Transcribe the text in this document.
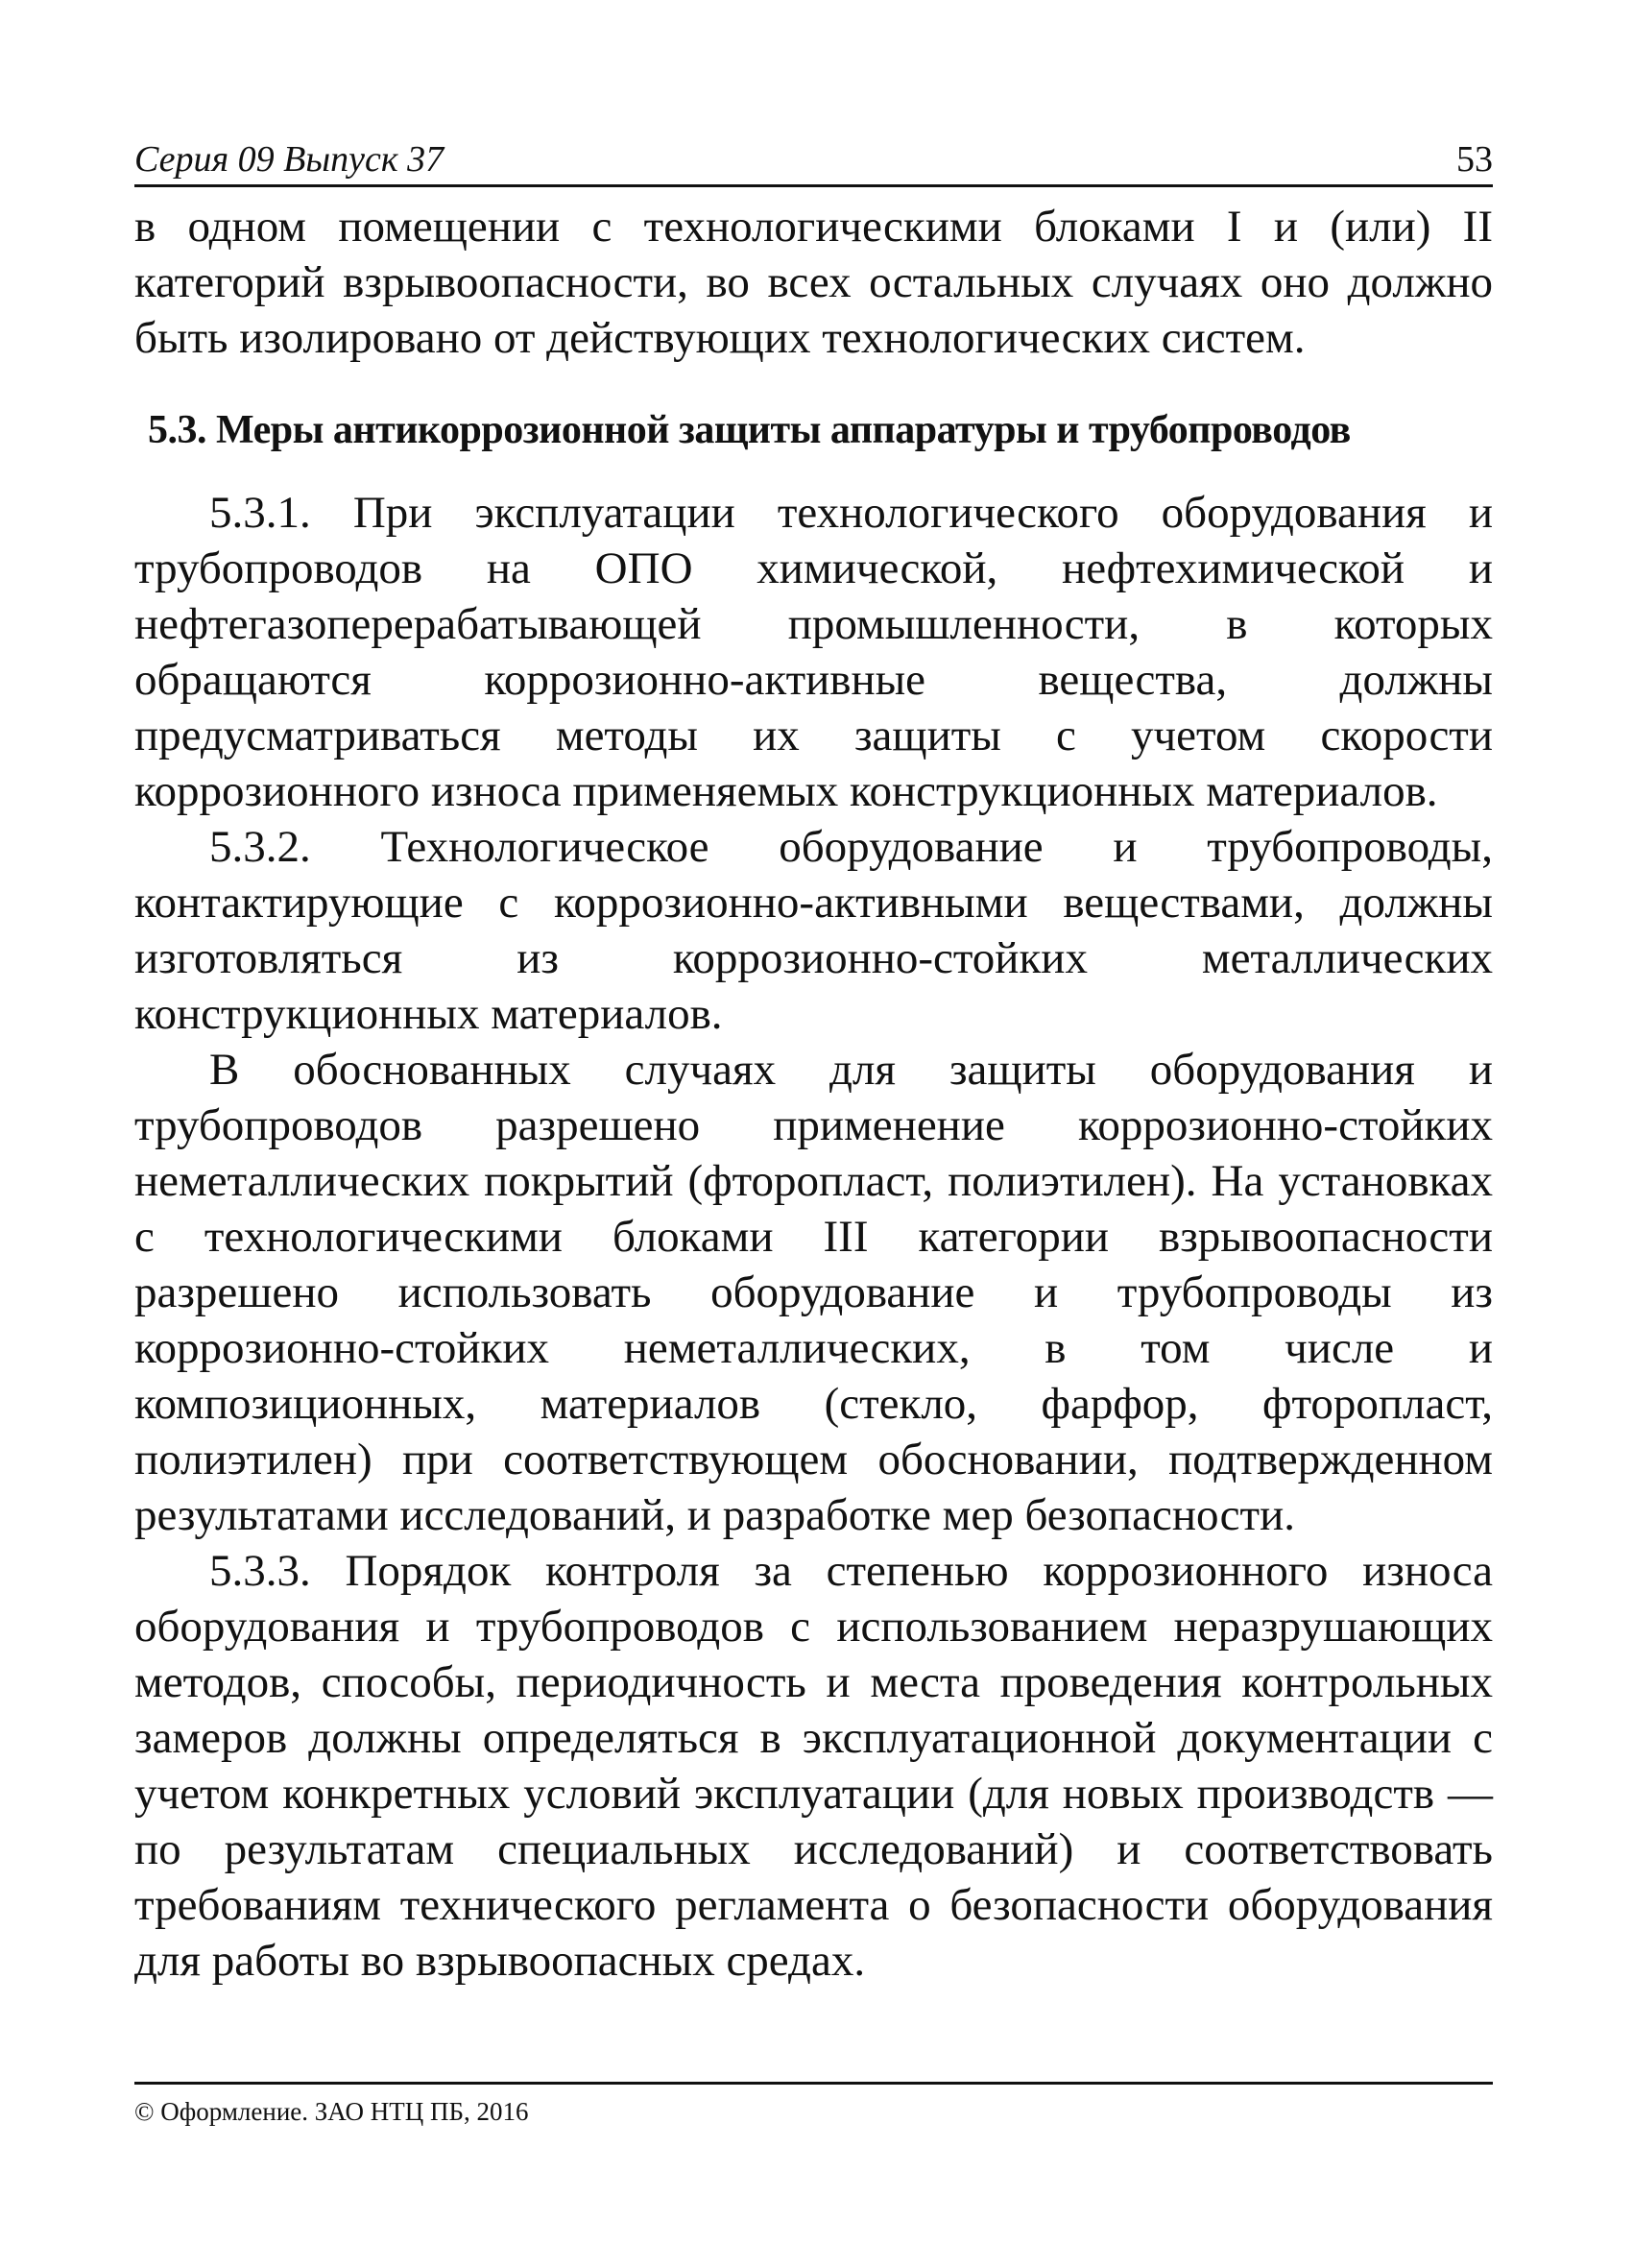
Серия 09 Выпуск 37	53

в одном помещении с технологическими блоками I и (или) II категорий взрывоопасности, во всех остальных случаях оно должно быть изолировано от действующих технологических систем.

5.3. Меры антикоррозионной защиты аппаратуры и трубопроводов

5.3.1. При эксплуатации технологического оборудования и трубопроводов на ОПО химической, нефтехимической и нефтегазоперерабатывающей промышленности, в которых обращаются коррозионно-активные вещества, должны предусматриваться методы их защиты с учетом скорости коррозионного износа применяемых конструкционных материалов.

5.3.2. Технологическое оборудование и трубопроводы, контактирующие с коррозионно-активными веществами, должны изготовляться из коррозионно-стойких металлических конструкционных материалов.

В обоснованных случаях для защиты оборудования и трубопроводов разрешено применение коррозионно-стойких неметаллических покрытий (фторопласт, полиэтилен). На установках с технологическими блоками III категории взрывоопасности разрешено использовать оборудование и трубопроводы из коррозионно-стойких неметаллических, в том числе и композиционных, материалов (стекло, фарфор, фторопласт, полиэтилен) при соответствующем обосновании, подтвержденном результатами исследований, и разработке мер безопасности.

5.3.3. Порядок контроля за степенью коррозионного износа оборудования и трубопроводов с использованием неразрушающих методов, способы, периодичность и места проведения контрольных замеров должны определяться в эксплуатационной документации с учетом конкретных условий эксплуатации (для новых производств — по результатам специальных исследований) и соответствовать требованиям технического регламента о безопасности оборудования для работы во взрывоопасных средах.

© Оформление. ЗАО НТЦ ПБ, 2016
